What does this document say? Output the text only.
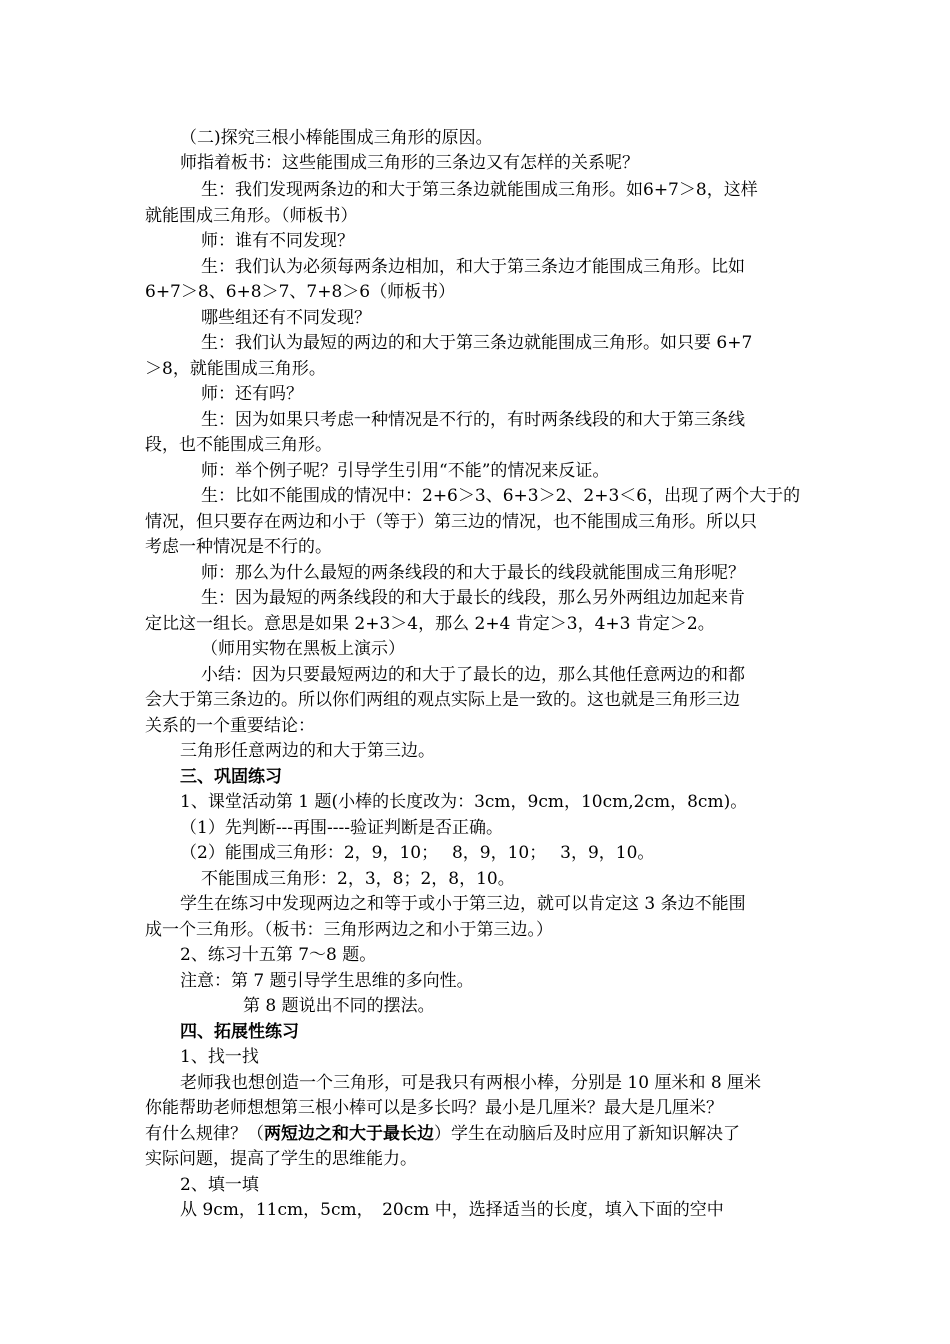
（二)探究三根小棒能围成三角形的原因。
师指着板书：这些能围成三角形的三条边又有怎样的关系呢？
生：我们发现两条边的和大于第三条边就能围成三角形。如6+7＞8，这样
就能围成三角形。（师板书）
师：谁有不同发现？
生：我们认为必须每两条边相加，和大于第三条边才能围成三角形。比如
6+7＞8、6+8＞7、7+8＞6（师板书）
哪些组还有不同发现？
生：我们认为最短的两边的和大于第三条边就能围成三角形。如只要 6+7
＞8，就能围成三角形。
师：还有吗？
生：因为如果只考虑一种情况是不行的，有时两条线段的和大于第三条线
段，也不能围成三角形。
师：举个例子呢？引导学生引用“不能”的情况来反证。
生：比如不能围成的情况中：2+6＞3、6+3＞2、2+3＜6，出现了两个大于的
情况，但只要存在两边和小于（等于）第三边的情况，也不能围成三角形。所以只
考虑一种情况是不行的。
师：那么为什么最短的两条线段的和大于最长的线段就能围成三角形呢？
生：因为最短的两条线段的和大于最长的线段，那么另外两组边加起来肯
定比这一组长。意思是如果 2+3＞4，那么 2+4 肯定＞3，4+3 肯定＞2。
（师用实物在黑板上演示）
小结：因为只要最短两边的和大于了最长的边，那么其他任意两边的和都
会大于第三条边的。所以你们两组的观点实际上是一致的。这也就是三角形三边
关系的一个重要结论：
三角形任意两边的和大于第三边。
三、巩固练习
1、课堂活动第 1 题(小棒的长度改为：3cm，9cm，10cm,2cm，8cm)。
（1）先判断---再围----验证判断是否正确。
（2）能围成三角形：2，9，10；　 8，9，10；　 3，9，10。
不能围成三角形：2，3，8；2，8，10。
学生在练习中发现两边之和等于或小于第三边，就可以肯定这 3 条边不能围
成一个三角形。（板书：三角形两边之和小于第三边。）
2、练习十五第 7～8 题。
注意：第 7 题引导学生思维的多向性。
第 8 题说出不同的摆法。
四、拓展性练习
1、找一找
老师我也想创造一个三角形，可是我只有两根小棒，分别是 10 厘米和 8 厘米
你能帮助老师想想第三根小棒可以是多长吗？最小是几厘米？最大是几厘米？
有什么规律？（两短边之和大于最长边）学生在动脑后及时应用了新知识解决了
实际问题，提高了学生的思维能力。
2、填一填
从 9cm，11cm，5cm，　20cm 中，选择适当的长度，填入下面的空中
